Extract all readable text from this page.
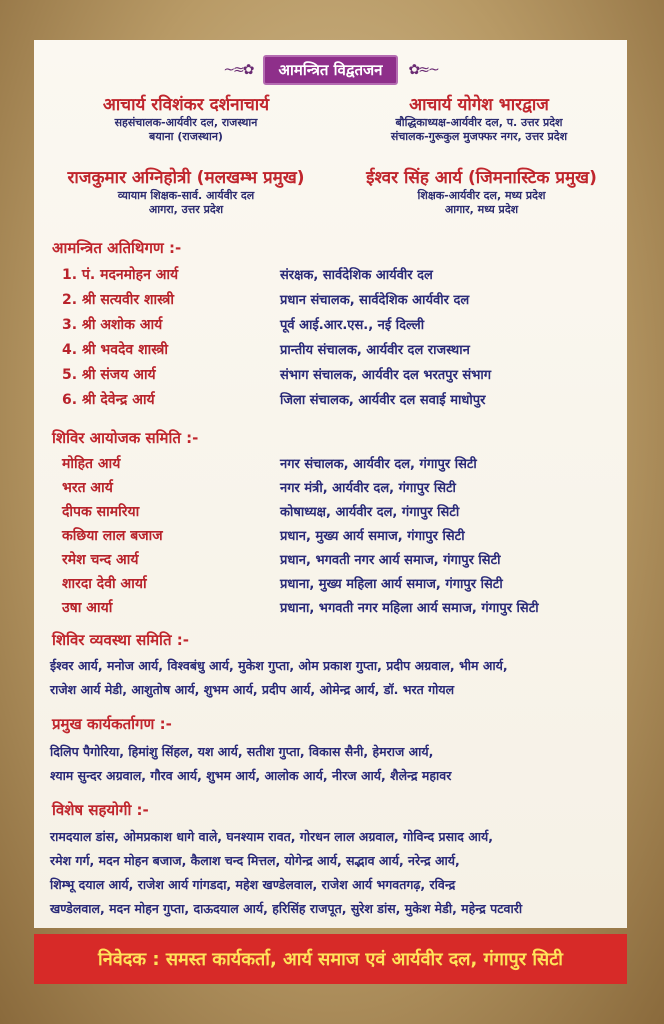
~≈✿	आमन्त्रित विद्वतजन	✿≈~
आचार्य रविशंकर दर्शनाचार्य
सहसंचालक-आर्यवीर दल, राजस्थान
बयाना (राजस्थान)
आचार्य योगेश भारद्वाज
बौद्धिकाध्यक्ष-आर्यवीर दल, प. उत्तर प्रदेश
संचालक-गुरूकुल मुजफ्फर नगर, उत्तर प्रदेश
राजकुमार अग्निहोत्री (मलखम्भ प्रमुख)
व्यायाम शिक्षक-सार्व. आर्यवीर दल
आगरा, उत्तर प्रदेश
ईश्वर सिंह आर्य (जिमनास्टिक प्रमुख)
शिक्षक-आर्यवीर दल, मध्य प्रदेश
आगार, मध्य प्रदेश
आमन्त्रित अतिथिगण :-
1. पं. मदनमोहन आर्य	संरक्षक, सार्वदेशिक आर्यवीर दल
2. श्री सत्यवीर शास्त्री	प्रधान संचालक, सार्वदेशिक आर्यवीर दल
3. श्री अशोक आर्य	पूर्व आई.आर.एस., नई दिल्ली
4. श्री भवदेव शास्त्री	प्रान्तीय संचालक, आर्यवीर दल राजस्थान
5. श्री संजय आर्य	संभाग संचालक, आर्यवीर दल भरतपुर संभाग
6. श्री देवेन्द्र आर्य	जिला संचालक, आर्यवीर दल सवाई माधोपुर
शिविर आयोजक समिति :-
मोहित आर्य	नगर संचालक, आर्यवीर दल, गंगापुर सिटी
भरत आर्य	नगर मंत्री, आर्यवीर दल, गंगापुर सिटी
दीपक सामरिया	कोषाध्यक्ष, आर्यवीर दल, गंगापुर सिटी
कछिया लाल बजाज	प्रधान, मुख्य आर्य समाज, गंगापुर सिटी
रमेश चन्द आर्य	प्रधान, भगवती नगर आर्य समाज, गंगापुर सिटी
शारदा देवी आर्या	प्रधाना, मुख्य महिला आर्य समाज, गंगापुर सिटी
उषा आर्या	प्रधाना, भगवती नगर महिला आर्य समाज, गंगापुर सिटी
शिविर व्यवस्था समिति :-
ईश्वर आर्य, मनोज आर्य, विश्वबंधु आर्य, मुकेश गुप्ता, ओम प्रकाश गुप्ता, प्रदीप अग्रवाल, भीम आर्य,
राजेश आर्य मेडी, आशुतोष आर्य, शुभम आर्य, प्रदीप आर्य, ओमेन्द्र आर्य, डॉ. भरत गोयल
प्रमुख कार्यकर्तागण :-
दिलिप पैगोरिया, हिमांशु सिंहल, यश आर्य, सतीश गुप्ता, विकास सैनी, हेमराज आर्य,
श्याम सुन्दर अग्रवाल, गौरव आर्य, शुभम आर्य, आलोक आर्य, नीरज आर्य, शैलेन्द्र महावर
विशेष सहयोगी :-
रामदयाल डांस, ओमप्रकाश धागे वाले, घनश्याम रावत, गोरधन लाल अग्रवाल, गोविन्द प्रसाद आर्य,
रमेश गर्ग, मदन मोहन बजाज, कैलाश चन्द मित्तल, योगेन्द्र आर्य, सद्भाव आर्य, नरेन्द्र आर्य,
शिम्भू दयाल आर्य, राजेश आर्य गांगडदा, महेश खण्डेलवाल, राजेश आर्य भगवतगढ़, रविन्द्र
खण्डेलवाल, मदन मोहन गुप्ता, दाऊदयाल आर्य, हरिसिंह राजपूत, सुरेश डांस, मुकेश मेडी, महेन्द्र पटवारी
निवेदक : समस्त कार्यकर्ता, आर्य समाज एवं आर्यवीर दल, गंगापुर सिटी
